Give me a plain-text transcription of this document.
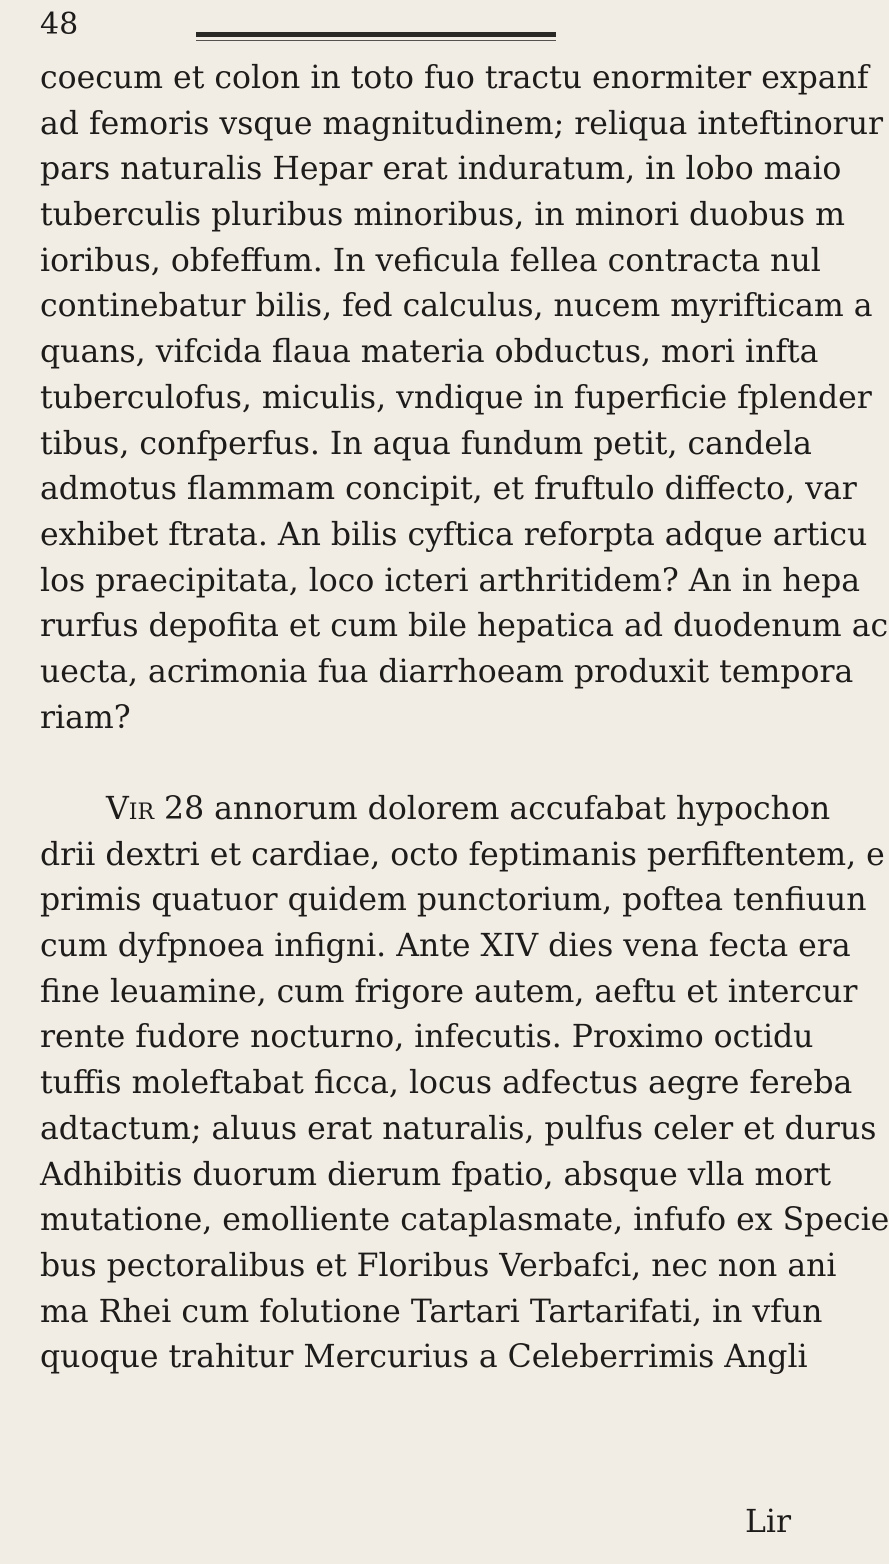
48
coecum et colon in toto fuo tractu enormiter expanf
ad femoris vsque magnitudinem; reliqua inteftinorur
pars naturalis Hepar erat induratum, in lobo maio
tuberculis pluribus minoribus, in minori duobus m
ioribus, obfeffum. In veficula fellea contracta nul
continebatur bilis, fed calculus, nucem myrifticam a
quans, vifcida flaua materia obductus, mori infta
tuberculofus, miculis, vndique in fuperficie fplender
tibus, confperfus. In aqua fundum petit, candela
admotus flammam concipit, et fruftulo diffecto, var
exhibet ftrata. An bilis cyftica reforpta adque articu
los praecipitata, loco icteri arthritidem? An in hepa
rurfus depofita et cum bile hepatica ad duodenum ac
uecta, acrimonia fua diarrhoeam produxit tempora
riam?
Vir 28 annorum dolorem accufabat hypochon
drii dextri et cardiae, octo feptimanis perfiftentem, e
primis quatuor quidem punctorium, poftea tenfiuun
cum dyfpnoea infigni. Ante XIV dies vena fecta era
fine leuamine, cum frigore autem, aeftu et intercur
rente fudore nocturno, infecutis. Proximo octidu
tuffis moleftabat ficca, locus adfectus aegre fereba
adtactum; aluus erat naturalis, pulfus celer et durus
Adhibitis duorum dierum fpatio, absque vlla mort
mutatione, emolliente cataplasmate, infufo ex Specie
bus pectoralibus et Floribus Verbafci, nec non ani
ma Rhei cum folutione Tartari Tartarifati, in vfun
quoque trahitur Mercurius a Celeberrimis Angli
Lir
